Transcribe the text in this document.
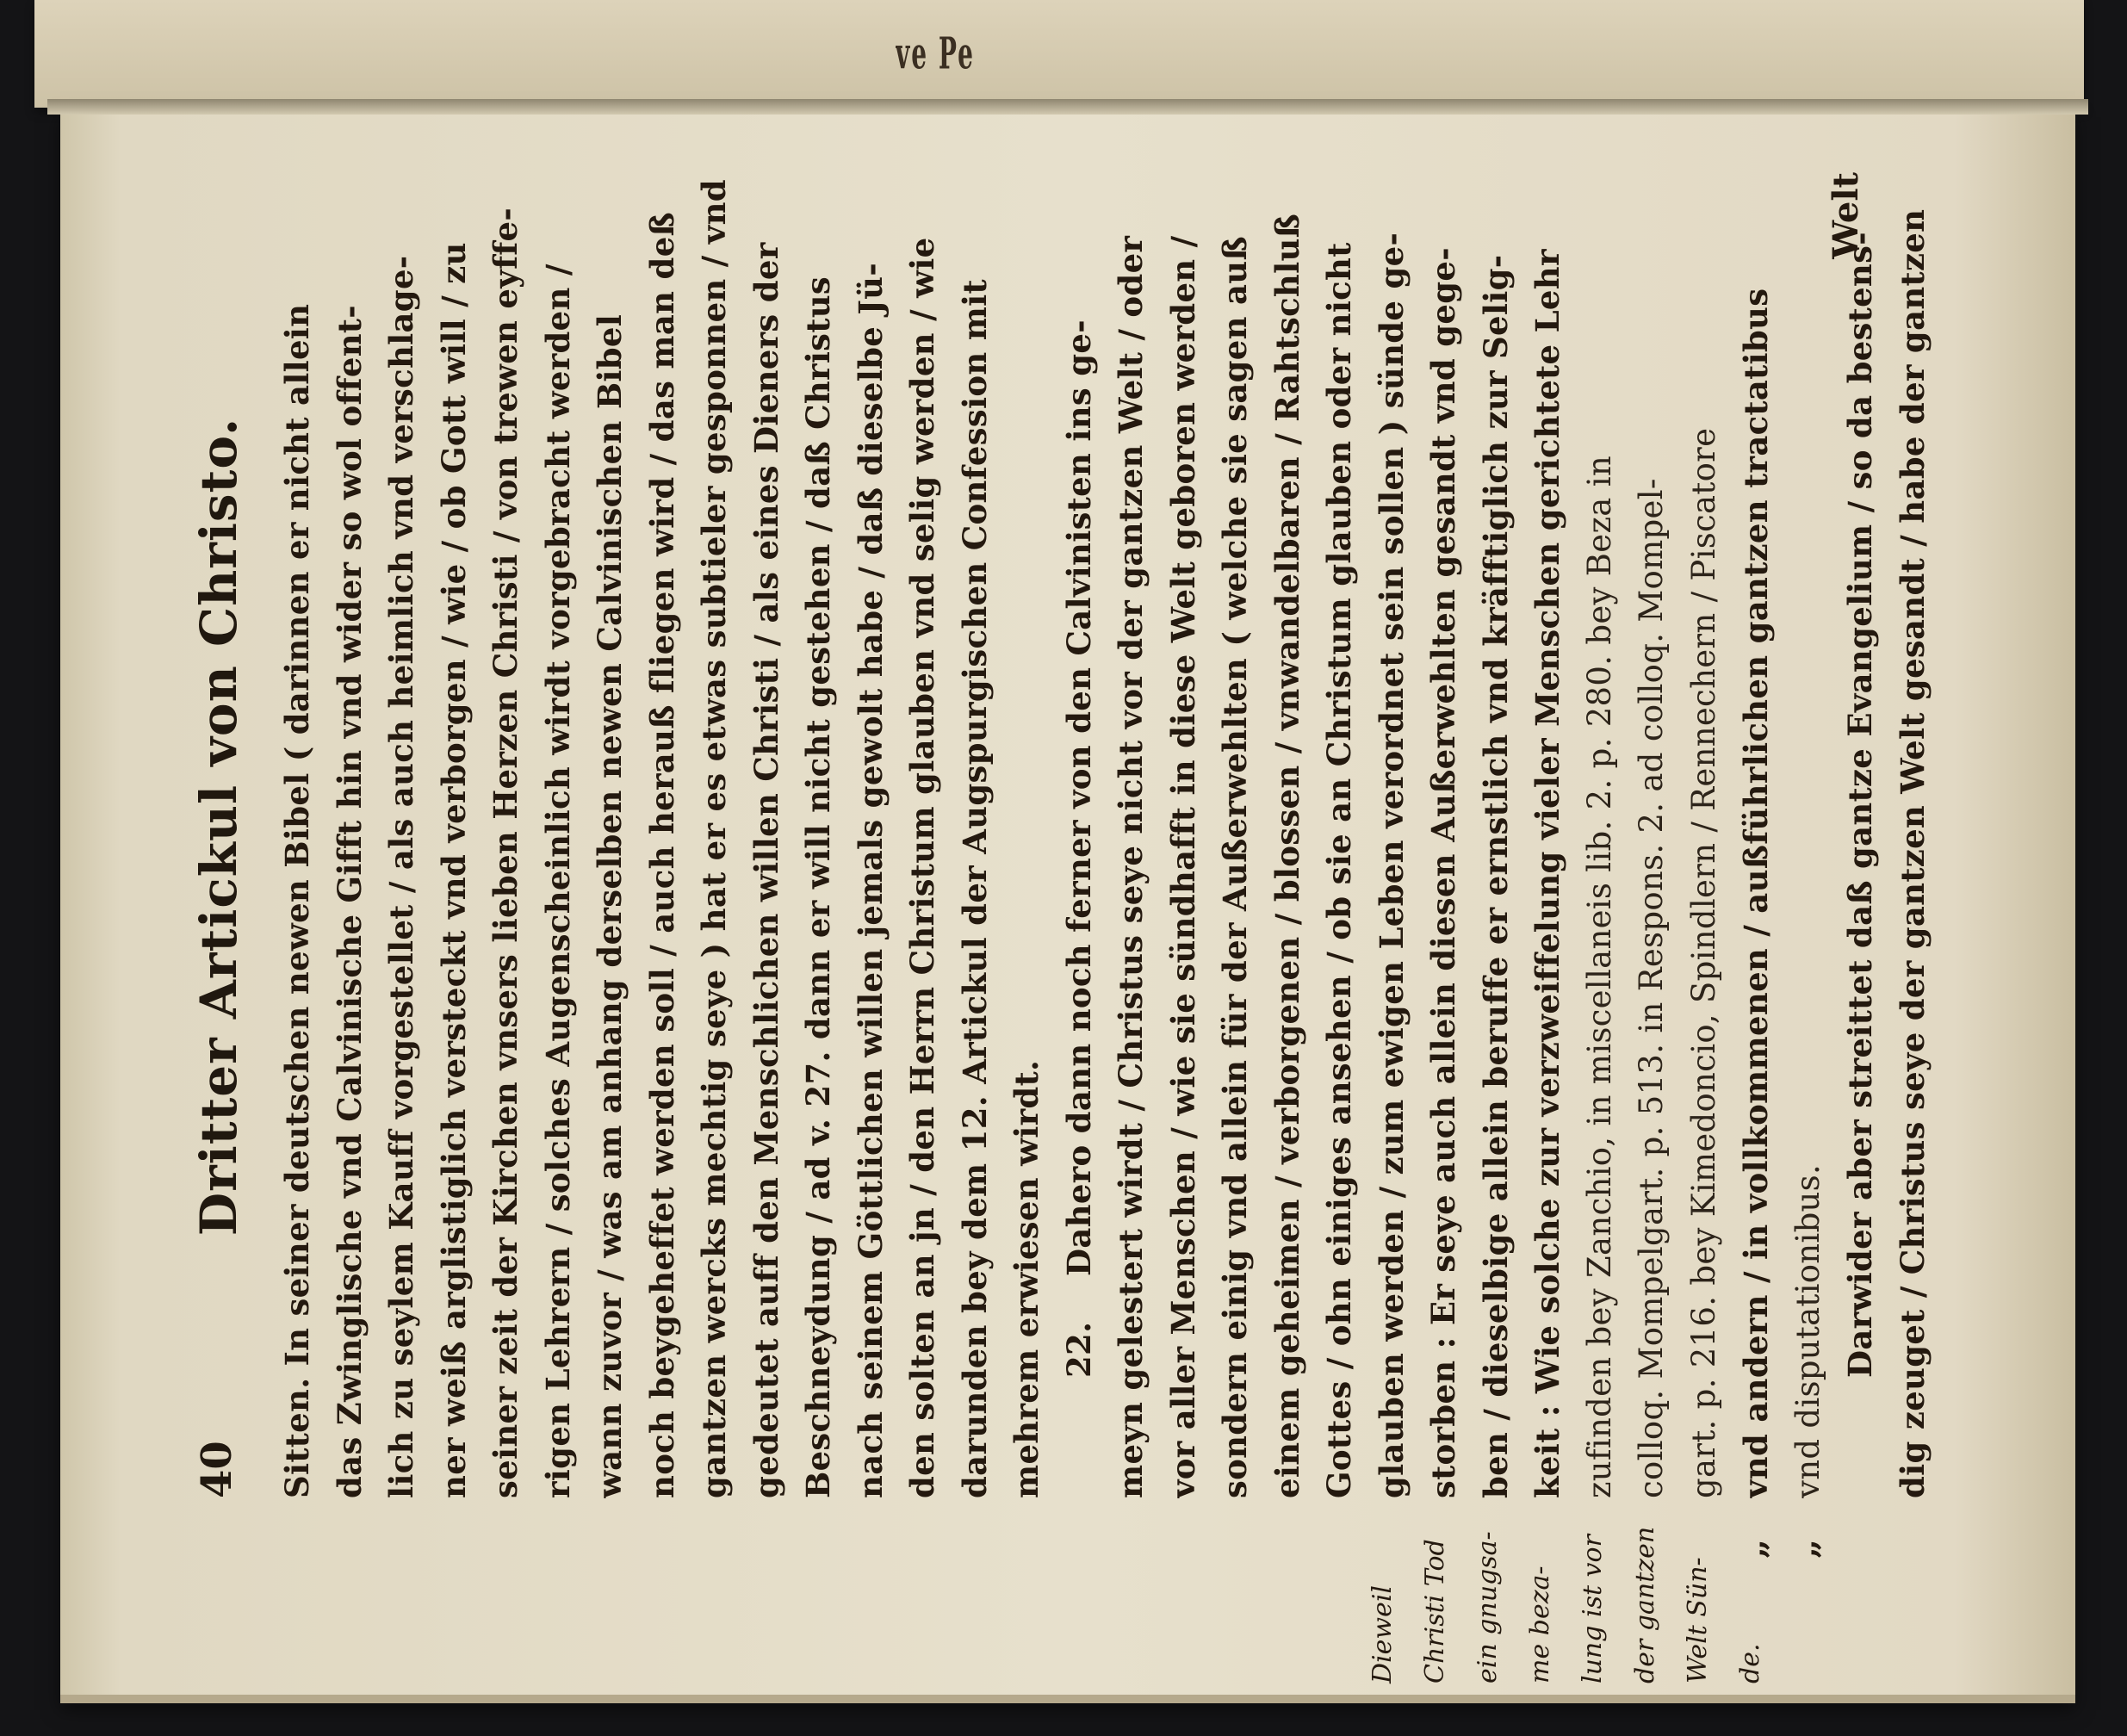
ve Pe
40
Dritter Artickul von Christo. Sitten. In seiner deutschen newen Bibel ( darinnen er nicht allein das Zwinglische vnd Calvinische Gifft hin vnd wider so wol offent- lich zu seylem Kauff vorgestellet / als auch heimlich vnd verschlage- ner weiß arglistiglich versteckt vnd verborgen / wie / ob Gott will / zu seiner zeit der Kirchen vnsers lieben Herzen Christi / von trewen eyffe- rigen Lehrern / solches Augenscheinlich wirdt vorgebracht werden / wann zuvor / was am anhang derselben newen Calvinischen Bibel noch beygeheffet werden soll / auch herauß fliegen wird / das man deß gantzen wercks mechtig seye ) hat er es etwas subtieler gesponnen / vnd gedeutet auff den Menschlichen willen Christi / als eines Dieners der Beschneydung / ad v. 27. dann er will nicht gestehen / daß Christus nach seinem Göttlichen willen jemals gewolt habe / daß dieselbe Jü- den solten an jn / den Herrn Christum glauben vnd selig werden / wie darunden bey dem 12. Artickul der Augspurgischen Confession mit mehrem erwiesen wirdt. 22.    Dahero dann noch ferner von den Calvinisten ins ge- meyn gelestert wirdt / Christus seye nicht vor der gantzen Welt / oder vor aller Menschen / wie sie sündhafft in diese Welt geboren werden / sondern einig vnd allein für der Außerwehlten ( welche sie sagen auß einem geheimen / verborgenen / blossen / vnwandelbaren / Rahtschluß Gottes / ohn einiges ansehen / ob sie an Christum glauben oder nicht glauben werden / zum ewigen Leben verordnet sein sollen ) sünde ge- storben : Er seye auch allein diesen Außerwehlten gesandt vnd gege- ben / dieselbige allein beruffe er ernstlich vnd kräfftiglich zur Selig- keit : Wie solche zur verzweiffelung vieler Menschen gerichtete Lehr zufinden bey Zanchio, in miscellaneis lib. 2. p. 280. bey Beza in colloq. Mompelgart. p. 513. in Respons. 2. ad colloq. Mompel- gart. p. 216. bey Kimedoncio, Spindlern / Rennechern / Piscatore vnd andern / in vollkommenen / außführlichen gantzen tractatibus vnd disputationibus. Darwider aber streittet daß gantze Evangelium / so da bestens- dig zeuget / Christus seye der gantzen Welt gesandt / habe der gantzen
„ „
Welt
Dieweil Christi Tod ein gnugsa- me beza- lung ist vor der gantzen Welt Sün- de.
